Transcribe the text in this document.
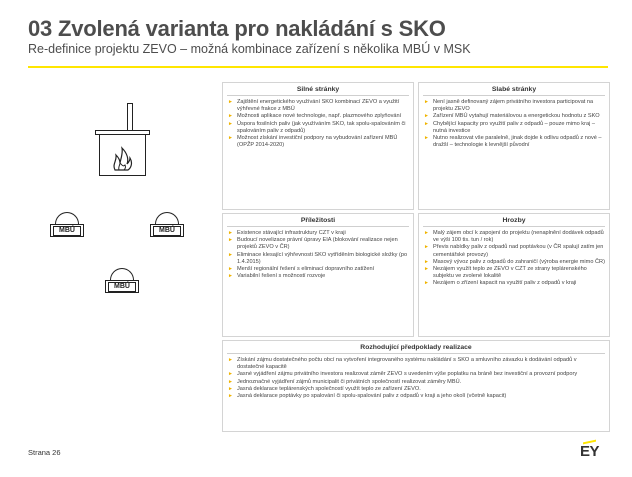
03 Zvolená varianta pro nakládání s SKO
Re-definice projektu ZEVO – možná kombinace zařízení s několika MBÚ v MSK
MBÚ	MBÚ
MBÚ
Silné stránky
► Zajištění energetického využívání SKO kombinací ZEVO a využití výhřevné frakce z MBÚ
► Možnosti aplikace nové technologie, např. plazmového zplyňování
► Úspora fosilních paliv (jak využíváním SKO, tak spolu-spalováním či spalováním paliv z odpadů)
► Možnost získání investiční podpory na vybudování zařízení MBÚ (OPŽP 2014-2020)
Slabé stránky
► Není jasně definovaný zájem privátního investora participovat na projektu ZEVO
► Zařízení MBÚ vytahují materiálovou a energetickou hodnotu z SKO
► Chybějící kapacity pro využití paliv z odpadů – pouze mimo kraj – nutná investice
► Nutno realizovat vše paralelně, jinak dojde k odlivu odpadů z nové – dražší – technologie k levnější původní
Příležitosti
► Existence stávající infrastruktury CZT v kraji
► Budoucí novelizace právní úpravy EIA (blokování realizace nejen projektů ZEVO v ČR)
► Eliminace klesající výhřevnosti SKO vytříděním biologické složky (po 1.4.2015)
► Menší regionální řešení s eliminací dopravního zatížení
► Variabilní řešení s možností rozvoje
Hrozby
► Malý zájem obcí k zapojení do projektu (nenaplnění dodávek odpadů ve výši 100 tis. tun / rok)
► Převis nabídky paliv z odpadů nad poptávkou (v ČR spalují zatím jen cementářské provozy)
► Masový vývoz paliv z odpadů do zahraničí (výroba energie mimo ČR)
► Nezájem využít teplo ze ZEVO v CZT ze strany teplárenského subjektu ve zvolené lokalitě
► Nezájem o zřízení kapacit na využití paliv z odpadů v kraji
Rozhodující předpoklady realizace
► Získání zájmu dostatečného počtu obcí na vytvoření integrovaného systému nakládání s SKO a smluvního závazku k dodávání odpadů v dostatečné kapacitě
► Jasné vyjádření zájmu privátního investora realizovat záměr ZEVO s uvedením výše poplatku na bráně bez investiční a provozní podpory
► Jednoznačné vyjádření zájmů municipalit či privátních společností realizovat záměry MBÚ.
► Jasná deklarace teplárenských společností využít teplo ze zařízení ZEVO.
► Jasná deklarace poptávky po spalování či spolu-spalování paliv z odpadů v kraji a jeho okolí (včetně kapacit)
Strana 26	EY
